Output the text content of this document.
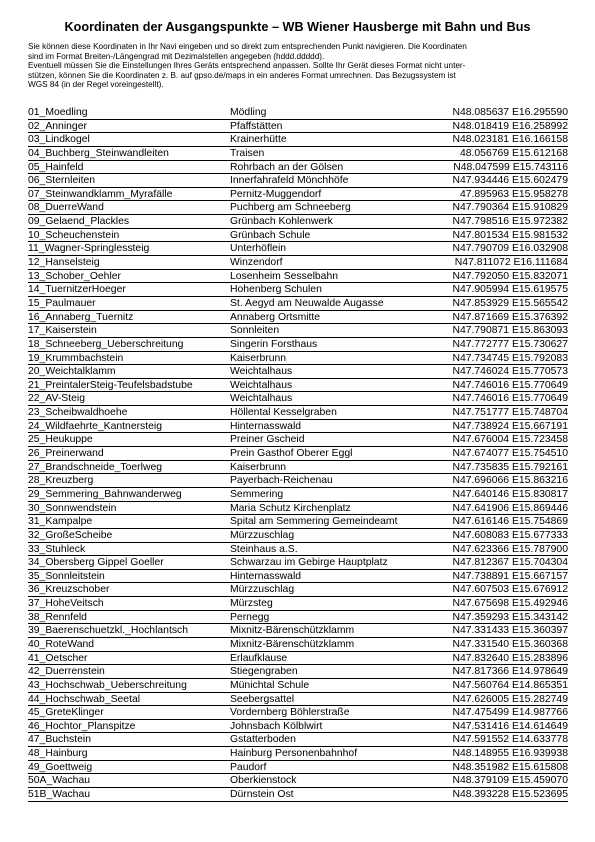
Koordinaten der Ausgangspunkte – WB Wiener Hausberge mit Bahn und Bus
Sie können diese Koordinaten in Ihr Navi eingeben und so direkt zum entsprechenden Punkt navigieren. Die Koordinaten
sind im Format Breiten-/Längengrad mit Dezimalstellen angegeben (hddd.ddddd).
Eventuell müssen Sie die Einstellungen Ihres Geräts entsprechend anpassen. Sollte Ihr Gerät dieses Format nicht unter-
stützen, können Sie die Koordinaten z. B. auf gpso.de/maps in ein anderes Format umrechnen. Das Bezugssystem ist
WGS 84 (in der Regel voreingestellt).
01_Moedling	Mödling	N48.085637 E16.295590
02_Anninger	Pfaffstätten	N48.018419 E16.258992
03_Lindkogel	Krainerhütte	N48.023181 E16.166158
04_Buchberg_Steinwandleiten	Traisen	48.056769 E15.612168
05_Hainfeld	Rohrbach an der Gölsen	N48.047599 E15.743116
06_Sternleiten	Innerfahrafeld Mönchhöfe	N47.934446 E15.602479
07_Steinwandklamm_Myrafälle	Pernitz-Muggendorf	47.895963 E15.958278
08_DuerreWand	Puchberg am Schneeberg	N47.790364 E15.910829
09_Gelaend_Plackles	Grünbach Kohlenwerk	N47.798516 E15.972382
10_Scheuchenstein	Grünbach Schule	N47.801534 E15.981532
11_Wagner-Springlessteig	Unterhöflein	N47.790709 E16.032908
12_Hanselsteig	Winzendorf	N47.811072 E16.111684
13_Schober_Oehler	Losenheim Sesselbahn	N47.792050 E15.832071
14_TuernitzerHoeger	Hohenberg Schulen	N47.905994 E15.619575
15_Paulmauer	St. Aegyd am Neuwalde Augasse	N47.853929 E15.565542
16_Annaberg_Tuernitz	Annaberg Ortsmitte	N47.871669 E15.376392
17_Kaiserstein	Sonnleiten	N47.790871 E15.863093
18_Schneeberg_Ueberschreitung	Singerin Forsthaus	N47.772777 E15.730627
19_Krummbachstein	Kaiserbrunn	N47.734745 E15.792083
20_Weichtalklamm	Weichtalhaus	N47.746024 E15.770573
21_PreintalerSteig-Teufelsbadstube	Weichtalhaus	N47.746016 E15.770649
22_AV-Steig	Weichtalhaus	N47.746016 E15.770649
23_Scheibwaldhoehe	Höllental Kesselgraben	N47.751777 E15.748704
24_Wildfaehrte_Kantnersteig	Hinternasswald	N47.738924 E15.667191
25_Heukuppe	Preiner Gscheid	N47.676004 E15.723458
26_Preinerwand	Prein Gasthof Oberer Eggl	N47.674077 E15.754510
27_Brandschneide_Toerlweg	Kaiserbrunn	N47.735835 E15.792161
28_Kreuzberg	Payerbach-Reichenau	N47.696066 E15.863216
29_Semmering_Bahnwanderweg	Semmering	N47.640146 E15.830817
30_Sonnwendstein	Maria Schutz Kirchenplatz	N47.641906 E15.869446
31_Kampalpe	Spital am Semmering Gemeindeamt	N47.616146 E15.754869
32_GroßeScheibe	Mürzzuschlag	N47.608083 E15.677333
33_Stuhleck	Steinhaus a.S.	N47.623366 E15.787900
34_Obersberg Gippel Goeller	Schwarzau im Gebirge Hauptplatz	N47.812367 E15.704304
35_Sonnleitstein	Hinternasswald	N47.738891 E15.667157
36_Kreuzschober	Mürzzuschlag	N47.607503 E15.676912
37_HoheVeitsch	Mürzsteg	N47.675698 E15.492946
38_Rennfeld	Pernegg	N47.359293 E15.343142
39_Baerenschuetzkl._Hochlantsch	Mixnitz-Bärenschützklamm	N47.331433 E15.360397
40_RoteWand	Mixnitz-Bärenschützklamm	N47.331540 E15.360368
41_Oetscher	Erlaufklause	N47.832640 E15.283896
42_Duerrenstein	Stiegengraben	N47.817366 E14.978649
43_Hochschwab_Ueberschreitung	Münichtal Schule	N47.560764 E14.865351
44_Hochschwab_Seetal	Seebergsattel	N47.626005 E15.282749
45_GreteKlinger	Vordernberg Böhlerstraße	N47.475499 E14.987766
46_Hochtor_Planspitze	Johnsbach Kölblwirt	N47.531416 E14.614649
47_Buchstein	Gstatterboden	N47.591552 E14.633778
48_Hainburg	Hainburg Personenbahnhof	N48.148955 E16.939938
49_Goettweig	Paudorf	N48.351982 E15.615808
50A_Wachau	Oberkienstock	N48.379109 E15.459070
51B_Wachau	Dürnstein Ost	N48.393228 E15.523695
